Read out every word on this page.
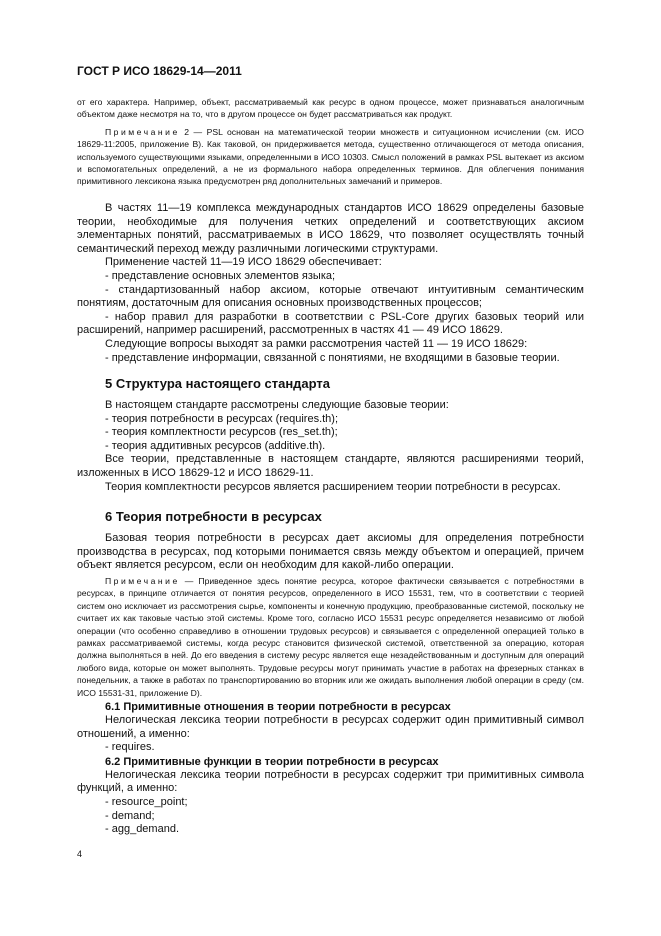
ГОСТ Р ИСО 18629-14—2011

от его характера. Например, объект, рассматриваемый как ресурс в одном процессе, может признаваться аналогичным объектом даже несмотря на то, что в другом процессе он будет рассматриваться как продукт.

Примечание 2 — PSL основан на математической теории множеств и ситуационном исчислении (см. ИСО 18629-11:2005, приложение В). Как таковой, он придерживается метода, существенно отличающегося от метода описания, используемого существующими языками, определенными в ИСО 10303. Смысл положений в рамках PSL вытекает из аксиом и вспомогательных определений, а не из формального набора определенных терминов. Для облегчения понимания примитивного лексикона языка предусмотрен ряд дополнительных замечаний и примеров.

В частях 11—19 комплекса международных стандартов ИСО 18629 определены базовые теории, необходимые для получения четких определений и соответствующих аксиом элементарных понятий, рассматриваемых в ИСО 18629, что позволяет осуществлять точный семантический переход между различными логическими структурами.

Применение частей 11—19 ИСО 18629 обеспечивает:

- представление основных элементов языка;

- стандартизованный набор аксиом, которые отвечают интуитивным семантическим понятиям, достаточным для описания основных производственных процессов;

- набор правил для разработки в соответствии с PSL-Core других базовых теорий или расширений, например расширений, рассмотренных в частях 41 — 49 ИСО 18629.

Следующие вопросы выходят за рамки рассмотрения частей 11 — 19 ИСО 18629:

- представление информации, связанной с понятиями, не входящими в базовые теории.

5 Структура настоящего стандарта

В настоящем стандарте рассмотрены следующие базовые теории:

- теория потребности в ресурсах (requires.th);

- теория комплектности ресурсов (res_set.th);

- теория аддитивных ресурсов (additive.th).

Все теории, представленные в настоящем стандарте, являются расширениями теорий, изложенных в ИСО 18629-12 и ИСО 18629-11.

Теория комплектности ресурсов является расширением теории потребности в ресурсах.

6 Теория потребности в ресурсах

Базовая теория потребности в ресурсах дает аксиомы для определения потребности производства в ресурсах, под которыми понимается связь между объектом и операцией, причем объект является ресурсом, если он необходим для какой-либо операции.

Примечание — Приведенное здесь понятие ресурса, которое фактически связывается с потребностями в ресурсах, в принципе отличается от понятия ресурсов, определенного в ИСО 15531, тем, что в соответствии с теорией систем оно исключает из рассмотрения сырье, компоненты и конечную продукцию, преобразованные системой, поскольку не считает их как таковые частью этой системы. Кроме того, согласно ИСО 15531 ресурс определяется независимо от любой операции (что особенно справедливо в отношении трудовых ресурсов) и связывается с определенной операцией только в рамках рассматриваемой системы, когда ресурс становится физической системой, ответственной за операцию, которая должна выполняться в ней. До его введения в систему ресурс является еще незадействованным и доступным для операций любого вида, которые он может выполнять. Трудовые ресурсы могут принимать участие в работах на фрезерных станках в понедельник, а также в работах по транспортированию во вторник или же ожидать выполнения любой операции в среду (см. ИСО 15531-31, приложение D).

6.1 Примитивные отношения в теории потребности в ресурсах

Нелогическая лексика теории потребности в ресурсах содержит один примитивный символ отношений, а именно:

- requires.

6.2 Примитивные функции в теории потребности в ресурсах

Нелогическая лексика теории потребности в ресурсах содержит три примитивных символа функций, а именно:

- resource_point;

- demand;

- agg_demand.

4
